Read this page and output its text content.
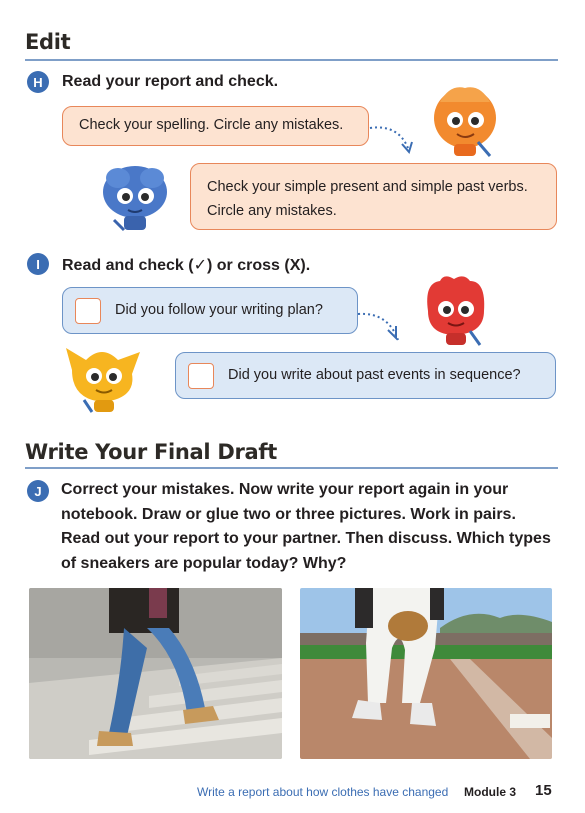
Edit
H	Read your report and check.
Check your spelling. Circle any mistakes.
Check your simple present and simple past verbs.
Circle any mistakes.
I	Read and check (✓) or cross (X).
Did you follow your writing plan?
Did you write about past events in sequence?
Write Your Final Draft
J	Correct your mistakes. Now write your report again in your
notebook. Draw or glue two or three pictures. Work in pairs.
Read out your report to your partner. Then discuss. Which types
of sneakers are popular today? Why?
Write a report about how clothes have changed Module 3 15
